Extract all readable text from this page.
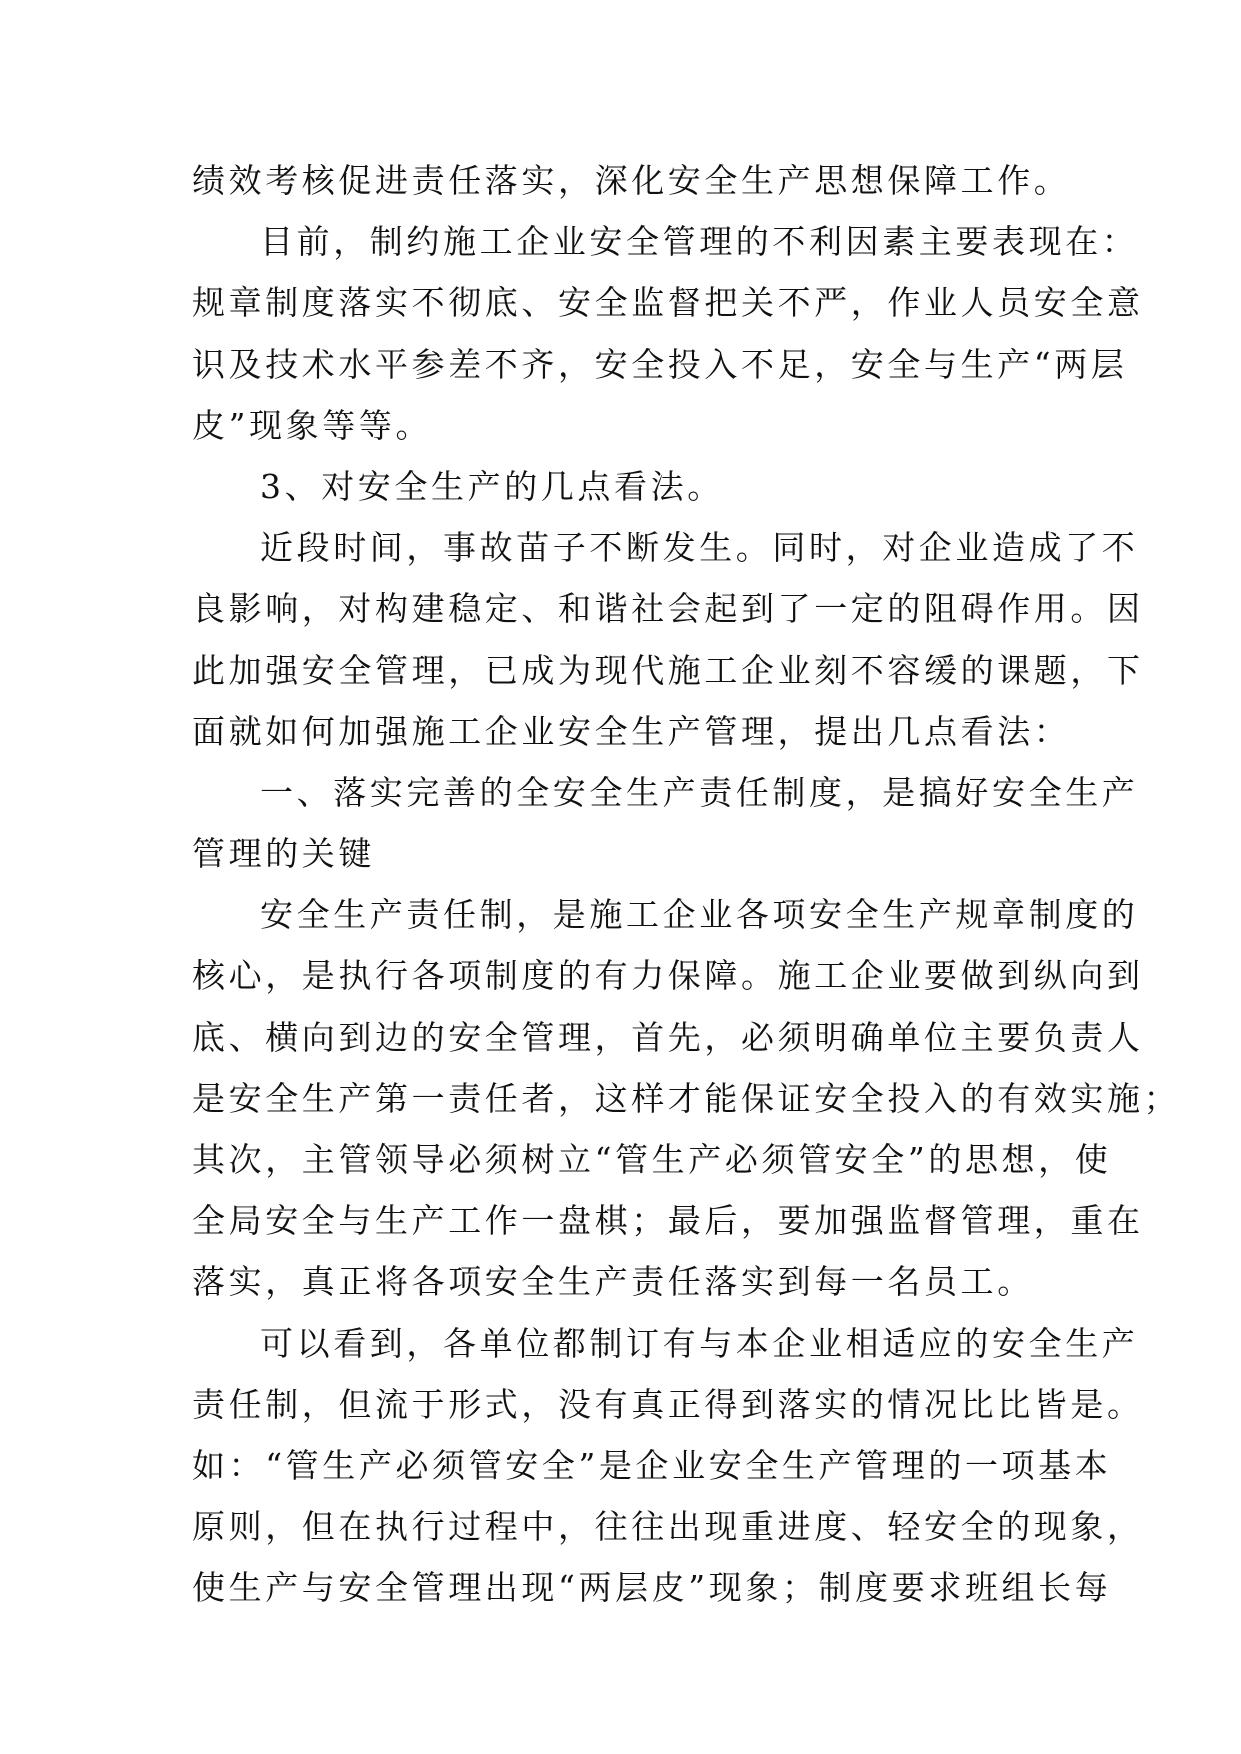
绩效考核促进责任落实，深化安全生产思想保障工作。
目前，制约施工企业安全管理的不利因素主要表现在：
规章制度落实不彻底、安全监督把关不严，作业人员安全意
识及技术水平参差不齐，安全投入不足，安全与生产“两层
皮”现象等等。
3、对安全生产的几点看法。
近段时间，事故苗子不断发生。同时，对企业造成了不
良影响，对构建稳定、和谐社会起到了一定的阻碍作用。因
此加强安全管理，已成为现代施工企业刻不容缓的课题，下
面就如何加强施工企业安全生产管理，提出几点看法：
一、落实完善的全安全生产责任制度，是搞好安全生产
管理的关键
安全生产责任制，是施工企业各项安全生产规章制度的
核心，是执行各项制度的有力保障。施工企业要做到纵向到
底、横向到边的安全管理，首先，必须明确单位主要负责人
是安全生产第一责任者，这样才能保证安全投入的有效实施；
其次，主管领导必须树立“管生产必须管安全”的思想，使
全局安全与生产工作一盘棋；最后，要加强监督管理，重在
落实，真正将各项安全生产责任落实到每一名员工。
可以看到，各单位都制订有与本企业相适应的安全生产
责任制，但流于形式，没有真正得到落实的情况比比皆是。
如：“管生产必须管安全”是企业安全生产管理的一项基本
原则，但在执行过程中，往往出现重进度、轻安全的现象，
使生产与安全管理出现“两层皮”现象；制度要求班组长每
